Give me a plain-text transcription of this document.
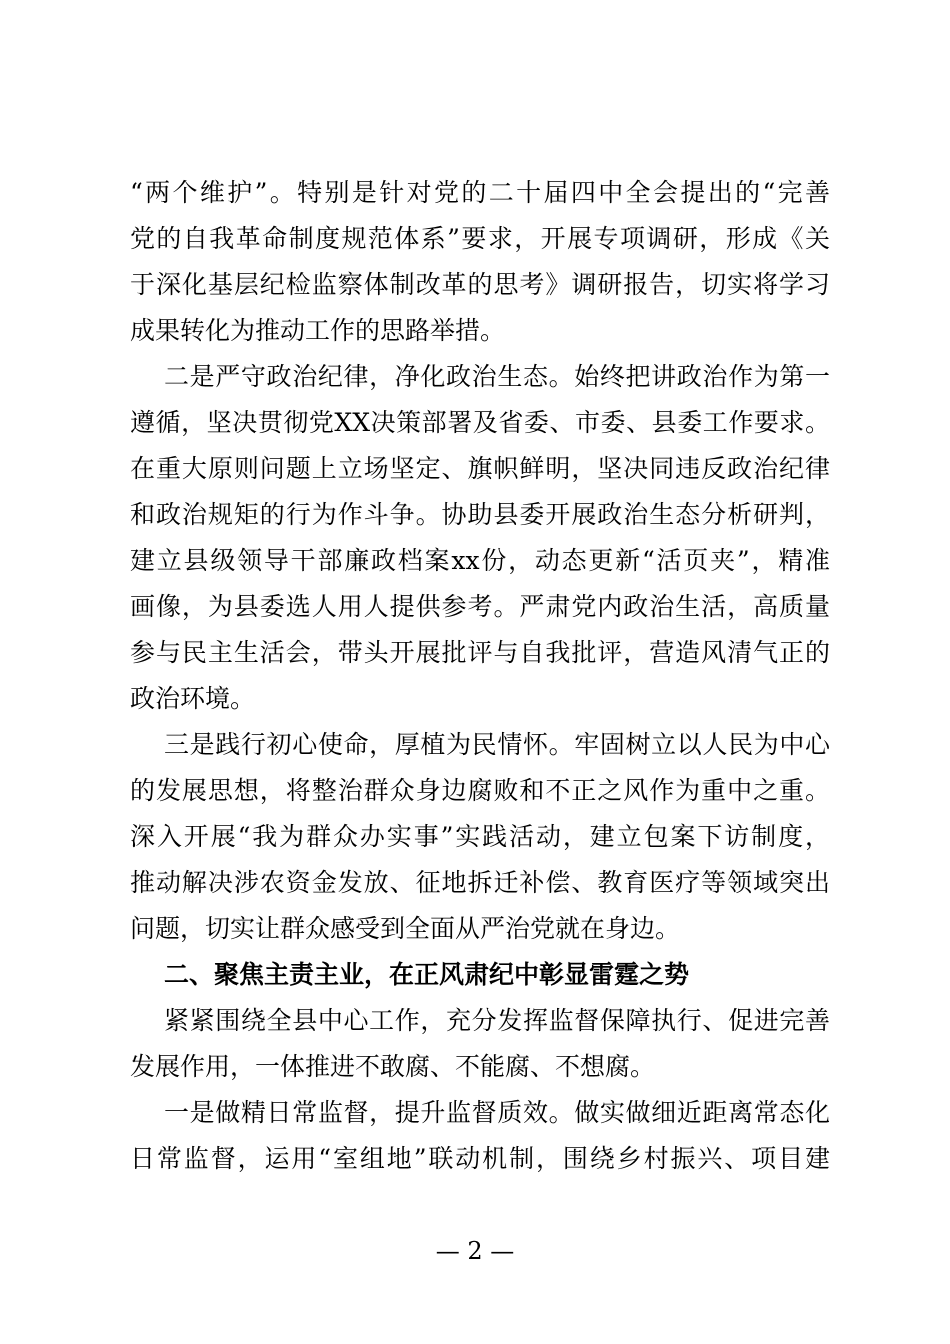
“两个维护”。特别是针对党的二十届四中全会提出的“完善
党的自我革命制度规范体系”要求，开展专项调研，形成《关
于深化基层纪检监察体制改革的思考》调研报告，切实将学习
成果转化为推动工作的思路举措。
二是严守政治纪律，净化政治生态。始终把讲政治作为第一
遵循，坚决贯彻党XX决策部署及省委、市委、县委工作要求。
在重大原则问题上立场坚定、旗帜鲜明，坚决同违反政治纪律
和政治规矩的行为作斗争。协助县委开展政治生态分析研判，
建立县级领导干部廉政档案xx份，动态更新“活页夹”，精准
画像，为县委选人用人提供参考。严肃党内政治生活，高质量
参与民主生活会，带头开展批评与自我批评，营造风清气正的
政治环境。
三是践行初心使命，厚植为民情怀。牢固树立以人民为中心
的发展思想，将整治群众身边腐败和不正之风作为重中之重。
深入开展“我为群众办实事”实践活动，建立包案下访制度，
推动解决涉农资金发放、征地拆迁补偿、教育医疗等领域突出
问题，切实让群众感受到全面从严治党就在身边。
二、聚焦主责主业，在正风肃纪中彰显雷霆之势
紧紧围绕全县中心工作，充分发挥监督保障执行、促进完善
发展作用，一体推进不敢腐、不能腐、不想腐。
一是做精日常监督，提升监督质效。做实做细近距离常态化
日常监督，运用“室组地”联动机制，围绕乡村振兴、项目建
— 2 —
